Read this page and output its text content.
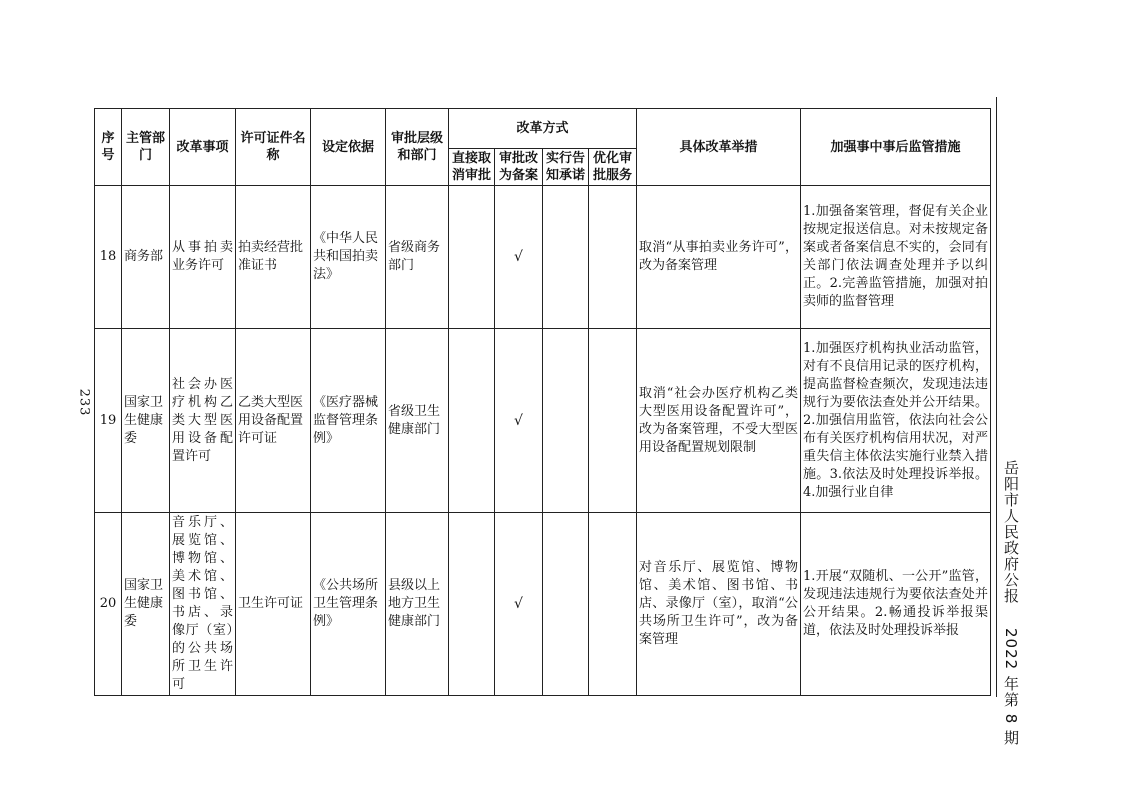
233
岳阳市人民政府公报  2022 年第 8 期
序号	主管部门	改革事项	许可证件名称	设定依据	审批层级和部门	改革方式				具体改革举措	加强事中事后监管措施
						直接取消审批	审批改为备案	实行告知承诺	优化审批服务		
18	商务部	从事拍卖业务许可	拍卖经营批准证书	《中华人民共和国拍卖法》	省级商务部门		√			取消“从事拍卖业务许可”，改为备案管理	1.加强备案管理，督促有关企业按规定报送信息。对未按规定备案或者备案信息不实的，会同有关部门依法调查处理并予以纠正。2.完善监管措施，加强对拍卖师的监督管理
19	国家卫生健康委	社会办医疗机构乙类大型医用设备配置许可	乙类大型医用设备配置许可证	《医疗器械监督管理条例》	省级卫生健康部门		√			取消“社会办医疗机构乙类大型医用设备配置许可”，改为备案管理，不受大型医用设备配置规划限制	1.加强医疗机构执业活动监管，对有不良信用记录的医疗机构，提高监督检查频次，发现违法违规行为要依法查处并公开结果。2.加强信用监管，依法向社会公布有关医疗机构信用状况，对严重失信主体依法实施行业禁入措施。3.依法及时处理投诉举报。4.加强行业自律
20	国家卫生健康委	音乐厅、展览馆、博物馆、美术馆、图书馆、书店、录像厅（室）的公共场所卫生许可	卫生许可证	《公共场所卫生管理条例》	县级以上地方卫生健康部门		√			对音乐厅、展览馆、博物馆、美术馆、图书馆、书店、录像厅（室），取消“公共场所卫生许可”，改为备案管理	1.开展“双随机、一公开”监管，发现违法违规行为要依法查处并公开结果。2.畅通投诉举报渠道，依法及时处理投诉举报
